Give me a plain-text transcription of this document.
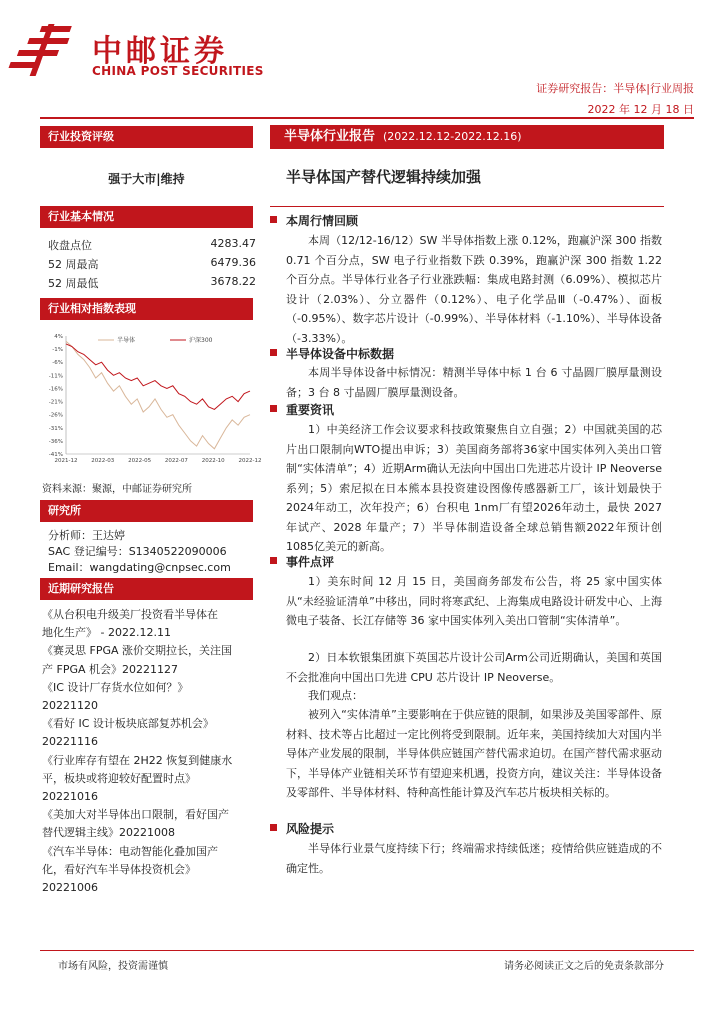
中邮证券
CHINA POST SECURITIES
证券研究报告：半导体|行业周报
2022 年 12 月 18 日
行业投资评级
强于大市|维持
行业基本情况
收盘点位	4283.47
52 周最高	6479.36
52 周最低	3678.22
行业相对指数表现
4%
-1%
-6%
-11%
-16%
-21%
-26%
-31%
-36%
-41%
2021-12	2022-03	2022-05	2022-07	2022-10	2022-12
半导体	沪深300
资料来源：聚源，中邮证券研究所
研究所
分析师：王达婷
SAC 登记编号：S1340522090006
Email：wangdating@cnpsec.com
近期研究报告
《从台积电升级美厂投资看半导体在
地化生产》 - 2022.12.11
《赛灵思 FPGA 涨价交期拉长，关注国
产 FPGA 机会》20221127
《IC 设计厂存货水位如何？》
20221120
《看好 IC 设计板块底部复苏机会》
20221116
《行业库存有望在 2H22 恢复到健康水
平，板块或将迎较好配置时点》
20221016
《美加大对半导体出口限制，看好国产
替代逻辑主线》20221008
《汽车半导体：电动智能化叠加国产
化，看好汽车半导体投资机会》
20221006
半导体行业报告 (2022.12.12-2022.12.16)
半导体国产替代逻辑持续加强
本周行情回顾
本周（12/12-16/12）SW 半导体指数上涨 0.12%，跑赢沪深 300 指数 0.71 个百分点，SW 电子行业指数下跌 0.39%，跑赢沪深 300 指数 1.22 个百分点。半导体行业各子行业涨跌幅：集成电路封测（6.09%）、模拟芯片设计（2.03%）、分立器件（0.12%）、电子化学品Ⅲ（-0.47%）、面板（-0.95%）、数字芯片设计（-0.99%）、半导体材料（-1.10%）、半导体设备（-3.33%）。
半导体设备中标数据
本周半导体设备中标情况：精测半导体中标 1 台 6 寸晶圆厂膜厚量测设备；3 台 8 寸晶圆厂膜厚量测设备。
重要资讯
1）中美经济工作会议要求科技政策聚焦自立自强；2）中国就美国的芯片出口限制向WTO提出申诉；3）美国商务部将36家中国实体列入美出口管制“实体清单”；4）近期Arm确认无法向中国出口先进芯片设计 IP Neoverse系列；5）索尼拟在日本熊本县投资建设图像传感器新工厂，该计划最快于2024年动工，次年投产；6）台积电 1nm厂有望2026年动土，最快 2027 年试产、2028 年量产；7）半导体制造设备全球总销售额2022年预计创1085亿美元的新高。
事件点评
1）美东时间 12 月 15 日，美国商务部发布公告，将 25 家中国实体从“未经验证清单”中移出，同时将寒武纪、上海集成电路设计研发中心、上海微电子装备、长江存储等 36 家中国实体列入美出口管制“实体清单”。
2）日本软银集团旗下英国芯片设计公司Arm公司近期确认，美国和英国不会批准向中国出口先进 CPU 芯片设计 IP Neoverse。
我们观点：
被列入“实体清单”主要影响在于供应链的限制，如果涉及美国零部件、原材料、技术等占比超过一定比例将受到限制。近年来，美国持续加大对国内半导体产业发展的限制，半导体供应链国产替代需求迫切。在国产替代需求驱动下，半导体产业链相关环节有望迎来机遇，投资方向，建议关注：半导体设备及零部件、半导体材料、特种高性能计算及汽车芯片板块相关标的。
风险提示
半导体行业景气度持续下行；终端需求持续低迷；疫情给供应链造成的不确定性。
市场有风险，投资需谨慎	请务必阅读正文之后的免责条款部分
